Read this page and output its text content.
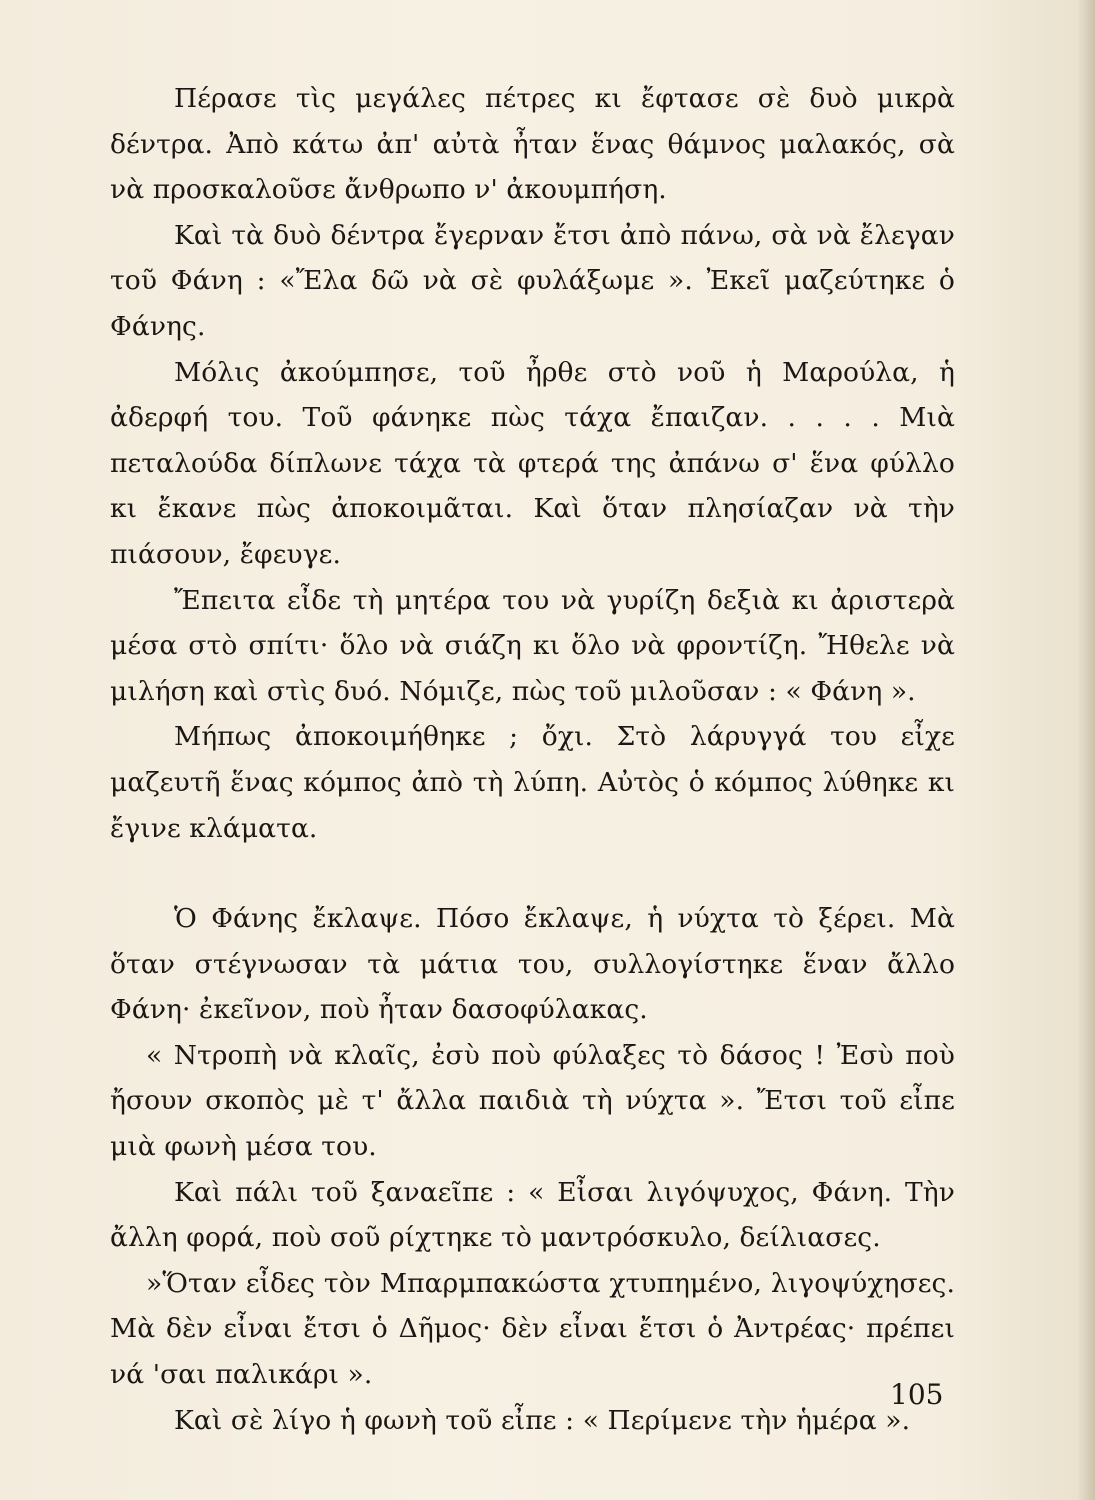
Πέρασε τὶς μεγάλες πέτρες κι ἔφτασε σὲ δυὸ μικρὰ δέντρα. Ἀπὸ κάτω ἀπ' αὐτὰ ἦταν ἕνας θάμνος μαλακός, σὰ νὰ προσκαλοῦσε ἄνθρωπο ν' ἀκουμπήση.

Καὶ τὰ δυὸ δέντρα ἔγερναν ἔτσι ἀπὸ πάνω, σὰ νὰ ἔλεγαν τοῦ Φάνη : «Ἔλα δῶ νὰ σὲ φυλάξωμε ». Ἐκεῖ μαζεύτηκε ὁ Φάνης.

Μόλις ἀκούμπησε, τοῦ ἦρθε στὸ νοῦ ἡ Μαρούλα, ἡ ἀδερφή του. Τοῦ φάνηκε πὼς τάχα ἔπαιζαν. . . . . Μιὰ πεταλούδα δίπλωνε τάχα τὰ φτερά της ἀπάνω σ' ἕνα φύλλο κι ἔκανε πὼς ἀποκοιμᾶται. Καὶ ὅταν πλησίαζαν νὰ τὴν πιάσουν, ἔφευγε.

Ἔπειτα εἶδε τὴ μητέρα του νὰ γυρίζη δεξιὰ κι ἀριστερὰ μέσα στὸ σπίτι· ὅλο νὰ σιάζη κι ὅλο νὰ φροντίζη. Ἤθελε νὰ μιλήση καὶ στὶς δυό. Νόμιζε, πὼς τοῦ μιλοῦσαν : « Φάνη ».

Μήπως ἀποκοιμήθηκε ; ὄχι. Στὸ λάρυγγά του εἶχε μαζευτῆ ἕνας κόμπος ἀπὸ τὴ λύπη. Αὐτὸς ὁ κόμπος λύθηκε κι ἔγινε κλάματα.

Ὁ Φάνης ἔκλαψε. Πόσο ἔκλαψε, ἡ νύχτα τὸ ξέρει. Μὰ ὅταν στέγνωσαν τὰ μάτια του, συλλογίστηκε ἕναν ἄλλο Φάνη· ἐκεῖνον, ποὺ ἦταν δασοφύλακας.

« Ντροπὴ νὰ κλαῖς, ἐσὺ ποὺ φύλαξες τὸ δάσος ! Ἐσὺ ποὺ ἤσουν σκοπὸς μὲ τ' ἄλλα παιδιὰ τὴ νύχτα ». Ἔτσι τοῦ εἶπε μιὰ φωνὴ μέσα του.

Καὶ πάλι τοῦ ξαναεῖπε : « Εἶσαι λιγόψυχος, Φάνη. Τὴν ἄλλη φορά, ποὺ σοῦ ρίχτηκε τὸ μαντρόσκυλο, δείλιασες.

»Ὅταν εἶδες τὸν Μπαρμπακώστα χτυπημένο, λιγοψύχησες. Μὰ δὲν εἶναι ἔτσι ὁ Δῆμος· δὲν εἶναι ἔτσι ὁ Ἀντρέας· πρέπει νά 'σαι παλικάρι ».

Καὶ σὲ λίγο ἡ φωνὴ τοῦ εἶπε : « Περίμενε τὴν ἡμέρα ».

105
